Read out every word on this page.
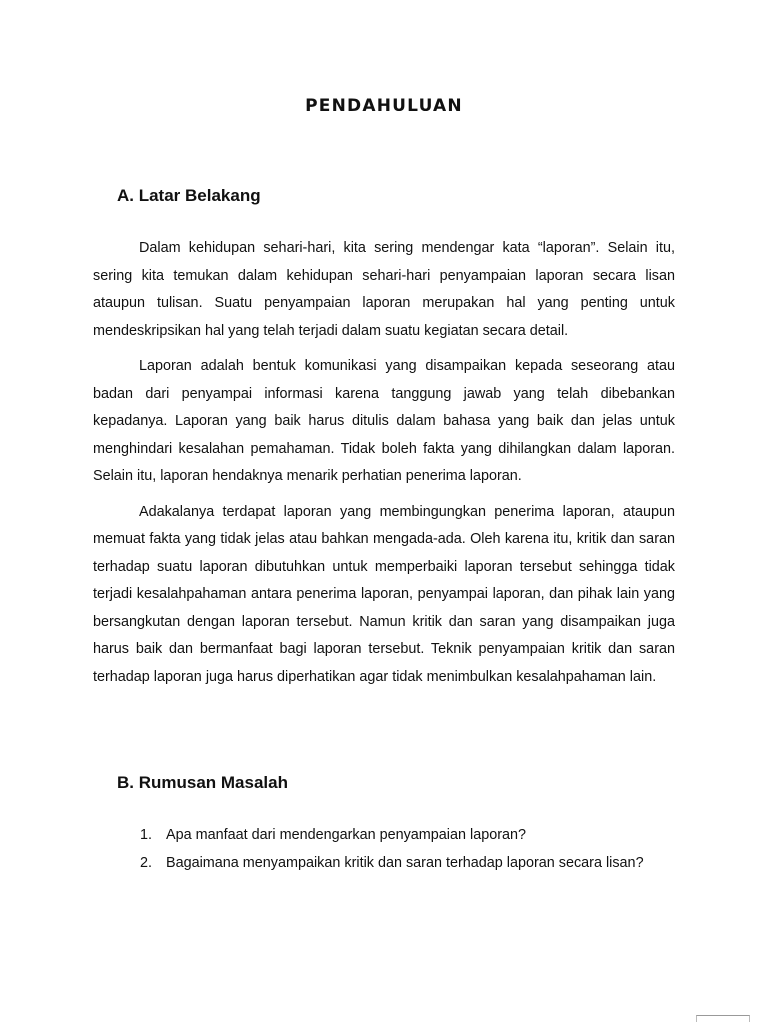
PENDAHULUAN
A. Latar Belakang

Dalam kehidupan sehari-hari, kita sering mendengar kata “laporan”. Selain itu, sering kita temukan dalam kehidupan sehari-hari penyampaian laporan secara lisan ataupun tulisan. Suatu penyampaian laporan merupakan hal yang penting untuk mendeskripsikan hal yang telah terjadi dalam suatu kegiatan secara detail.

Laporan adalah bentuk komunikasi yang disampaikan kepada seseorang atau badan dari penyampai informasi karena tanggung jawab yang telah dibebankan kepadanya. Laporan yang baik harus ditulis dalam bahasa yang baik dan jelas untuk menghindari kesalahan pemahaman. Tidak boleh fakta yang dihilangkan dalam laporan. Selain itu, laporan hendaknya menarik perhatian penerima laporan.

Adakalanya terdapat laporan yang membingungkan penerima laporan, ataupun memuat fakta yang tidak jelas atau bahkan mengada-ada. Oleh karena itu, kritik dan saran terhadap suatu laporan dibutuhkan untuk memperbaiki laporan tersebut sehingga tidak terjadi kesalahpahaman antara penerima laporan, penyampai laporan, dan pihak lain yang bersangkutan dengan laporan tersebut. Namun kritik dan saran yang disampaikan juga harus baik dan bermanfaat bagi laporan tersebut. Teknik penyampaian kritik dan saran terhadap laporan juga harus diperhatikan agar tidak menimbulkan kesalahpahaman lain.

B. Rumusan Masalah
1. Apa manfaat dari mendengarkan penyampaian laporan?
2. Bagaimana menyampaikan kritik dan saran terhadap laporan secara lisan?
